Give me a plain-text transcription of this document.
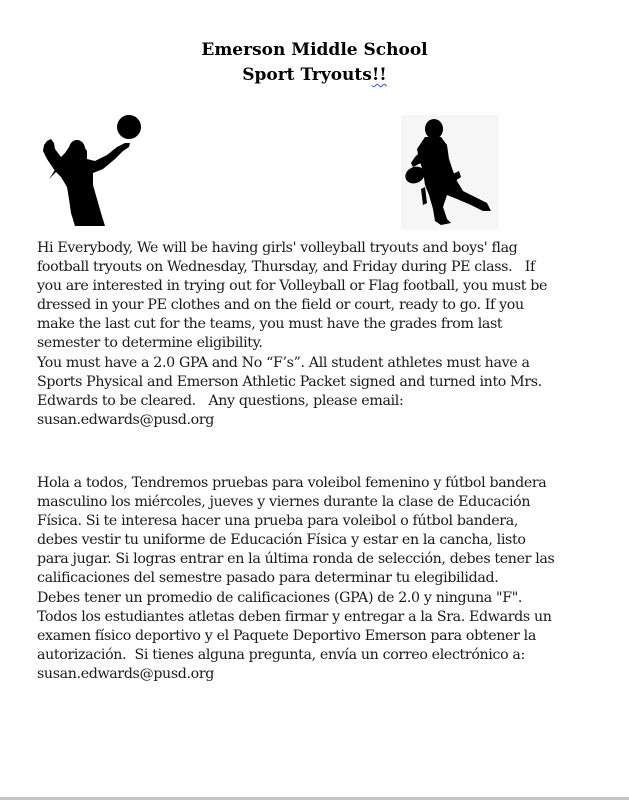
Emerson Middle School
Sport Tryouts!!
Hi Everybody, We will be having girls' volleyball tryouts and boys' flag
football tryouts on Wednesday, Thursday, and Friday during PE class.   If
you are interested in trying out for Volleyball or Flag football, you must be
dressed in your PE clothes and on the field or court, ready to go. If you
make the last cut for the teams, you must have the grades from last
semester to determine eligibility.
You must have a 2.0 GPA and No “F’s”. All student athletes must have a
Sports Physical and Emerson Athletic Packet signed and turned into Mrs.
Edwards to be cleared.   Any questions, please email:
susan.edwards@pusd.org
Hola a todos, Tendremos pruebas para voleibol femenino y fútbol bandera
masculino los miércoles, jueves y viernes durante la clase de Educación
Física. Si te interesa hacer una prueba para voleibol o fútbol bandera,
debes vestir tu uniforme de Educación Física y estar en la cancha, listo
para jugar. Si logras entrar en la última ronda de selección, debes tener las
calificaciones del semestre pasado para determinar tu elegibilidad.
Debes tener un promedio de calificaciones (GPA) de 2.0 y ninguna "F".
Todos los estudiantes atletas deben firmar y entregar a la Sra. Edwards un
examen físico deportivo y el Paquete Deportivo Emerson para obtener la
autorización.  Si tienes alguna pregunta, envía un correo electrónico a:
susan.edwards@pusd.org
